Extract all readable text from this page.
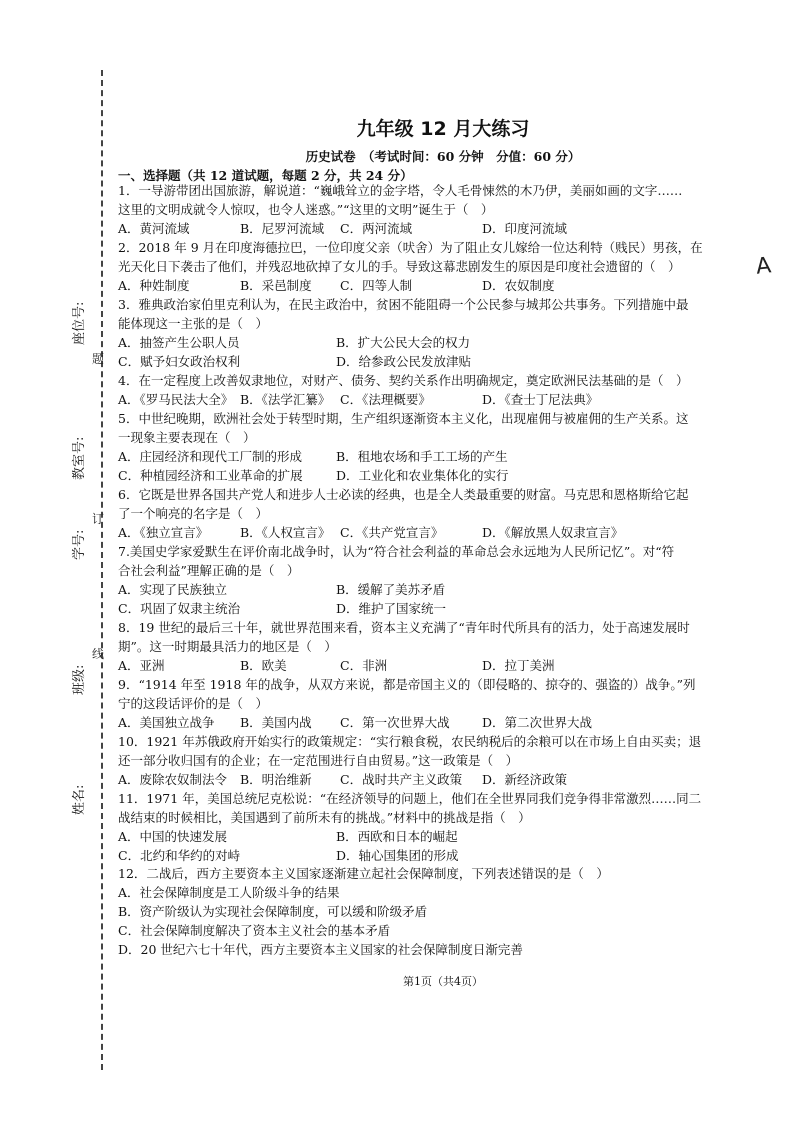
题
订
线
座位号:
教室号:
学号:
班级:
姓名:
九年级 12 月大练习
历史试卷　（考试时间：60 分钟　分值：60 分）
一、选择题（共 12 道试题，每题 2 分，共 24 分）
1．一导游带团出国旅游，解说道：“巍峨耸立的金字塔，令人毛骨悚然的木乃伊，美丽如画的文字……
这里的文明成就令人惊叹，也令人迷惑。”“这里的文明”诞生于（　）
A．黄河流域	B．尼罗河流域 C．两河流域	D．印度河流域
2．2018 年 9 月在印度海德拉巴，一位印度父亲（吠舍）为了阻止女儿嫁给一位达利特（贱民）男孩，在
光天化日下袭击了他们，并残忍地砍掉了女儿的手。导致这幕悲剧发生的原因是印度社会遗留的（　）
A．种姓制度	B．采邑制度 C．四等人制	D．农奴制度
3．雅典政治家伯里克利认为，在民主政治中，贫困不能阻碍一个公民参与城邦公共事务。下列措施中最
能体现这一主张的是（　）
A．抽签产生公职人员	B．扩大公民大会的权力
C．赋予妇女政治权利	D．给参政公民发放津贴
4．在一定程度上改善奴隶地位，对财产、债务、契约关系作出明确规定，奠定欧洲民法基础的是（　）
A．《罗马民法大全》 B．《法学汇纂》 C．《法理概要》	D．《查士丁尼法典》
5．中世纪晚期，欧洲社会处于转型时期，生产组织逐渐资本主义化，出现雇佣与被雇佣的生产关系。这
一现象主要表现在（　）
A．庄园经济和现代工厂制的形成	B．租地农场和手工工场的产生
C．种植园经济和工业革命的扩展	D．工业化和农业集体化的实行
6．它既是世界各国共产党人和进步人士必读的经典，也是全人类最重要的财富。马克思和恩格斯给它起
了一个响亮的名字是（　）
A．《独立宣言》	B．《人权宣言》 C．《共产党宣言》	D．《解放黑人奴隶宣言》
7.美国史学家爱默生在评价南北战争时，认为“符合社会利益的革命总会永远地为人民所记忆”。对“符
合社会利益”理解正确的是（　）
A．实现了民族独立	B．缓解了美苏矛盾
C．巩固了奴隶主统治	D．维护了国家统一
8．19 世纪的最后三十年，就世界范围来看，资本主义充满了“青年时代所具有的活力，处于高速发展时
期”。这一时期最具活力的地区是（　）
A．亚洲	B．欧美	C．非洲	D．拉丁美洲
9．“1914 年至 1918 年的战争，从双方来说，都是帝国主义的（即侵略的、掠夺的、强盗的）战争。”列
宁的这段话评价的是（　）
A．美国独立战争 B．美国内战 C．第一次世界大战	D．第二次世界大战
10．1921 年苏俄政府开始实行的政策规定：“实行粮食税，农民纳税后的余粮可以在市场上自由买卖；退
还一部分收归国有的企业；在一定范围进行自由贸易。”这一政策是（　）
A．废除农奴制法令 B．明治维新 C．战时共产主义政策 D．新经济政策
11．1971 年，美国总统尼克松说：“在经济领导的问题上，他们在全世界同我们竞争得非常激烈……同二
战结束的时候相比，美国遇到了前所未有的挑战。”材料中的挑战是指（　）
A．中国的快速发展	B．西欧和日本的崛起
C．北约和华约的对峙	D．轴心国集团的形成
12．二战后，西方主要资本主义国家逐渐建立起社会保障制度，下列表述错误的是（　）
A．社会保障制度是工人阶级斗争的结果
B．资产阶级认为实现社会保障制度，可以缓和阶级矛盾
C．社会保障制度解决了资本主义社会的基本矛盾
D．20 世纪六七十年代，西方主要资本主义国家的社会保障制度日渐完善
A
第1页（共4页）
